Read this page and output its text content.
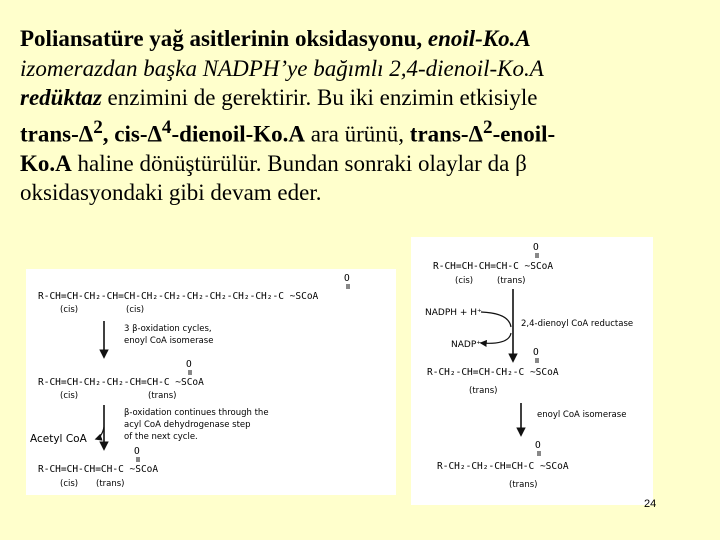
Poliansatüre yağ asitlerinin oksidasyonu, enoil-Ko.A
izomerazdan başka NADPH’ye bağımlı 2,4-dienoil-Ko.A
redüktaz enzimini de gerektirir. Bu iki enzimin etkisiyle
trans-$\Delta^2$, cis-$\Delta^4-dienoil-Ko.A$ ara ürünü, trans-$\Delta^2-enoil-$
Ko.A haline dönüştürülür. Bundan sonraki olaylar da β
oksidasyondaki gibi devam eder.
O
R-CH=CH-CH₂-CH=CH-CH₂-CH₂-CH₂-CH₂-CH₂-CH₂-C ~SCoA
(cis)	(cis)
3 β-oxidation cycles,
enoyl CoA isomerase
O
R-CH=CH-CH₂-CH₂-CH=CH-C ~SCoA
(cis)	(trans)
β-oxidation continues through the
acyl CoA dehydrogenase step
of the next cycle.
Acetyl CoA
O
R-CH=CH-CH=CH-C ~SCoA
(cis) (trans)
O
R-CH=CH-CH=CH-C ~SCoA
(cis)	(trans)
NADPH + H⁺
NADP⁺
2,4-dienoyl CoA reductase
O
R-CH₂-CH=CH-CH₂-C ~SCoA
(trans)
enoyl CoA isomerase
O
R-CH₂-CH₂-CH=CH-C ~SCoA
(trans)
24
